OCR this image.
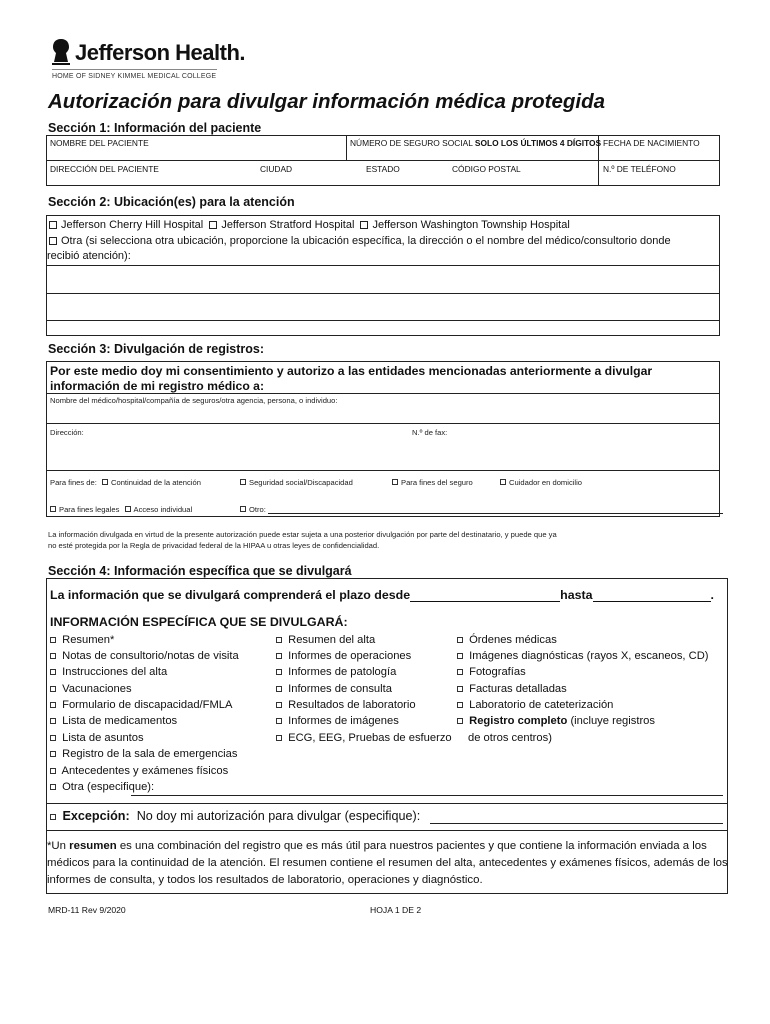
Jefferson Health.
HOME OF SIDNEY KIMMEL MEDICAL COLLEGE
Autorización para divulgar información médica protegida
Sección 1: Información del paciente
NOMBRE DEL PACIENTE	NÚMERO DE SEGURO SOCIAL SOLO LOS ÚLTIMOS 4 DÍGITOS FECHA DE NACIMIENTO
DIRECCIÓN DEL PACIENTE	CIUDAD	ESTADO	CÓDIGO POSTAL	N.º DE TELÉFONO
Sección 2: Ubicación(es) para la atención
Jefferson Cherry Hill Hospital Jefferson Stratford Hospital Jefferson Washington Township Hospital
Otra (si selecciona otra ubicación, proporcione la ubicación específica, la dirección o el nombre del médico/consultorio donde
recibió atención):
Sección 3: Divulgación de registros:
Por este medio doy mi consentimiento y autorizo a las entidades mencionadas anteriormente a divulgar
información de mi registro médico a:
Nombre del médico/hospital/compañía de seguros/otra agencia, persona, o individuo:
Dirección:	N.º de fax:
Para fines de: Continuidad de la atención	Seguridad social/Discapacidad	Para fines del seguro	Cuidador en domicilio
Para fines legales Acceso individual	Otro:
La información divulgada en virtud de la presente autorización puede estar sujeta a una posterior divulgación por parte del destinatario, y puede que ya
no esté protegida por la Regla de privacidad federal de la HIPAA u otras leyes de confidencialidad.
Sección 4: Información específica que se divulgará
La información que se divulgará comprenderá el plazo desde	hasta	.
INFORMACIÓN ESPECÍFICA QUE SE DIVULGARÁ:
Resumen*
Notas de consultorio/notas de visita
Instrucciones del alta
Vacunaciones
Formulario de discapacidad/FMLA
Lista de medicamentos
Lista de asuntos
Registro de la sala de emergencias
Antecedentes y exámenes físicos
Otra (especifique):
Resumen del alta
Informes de operaciones
Informes de patología
Informes de consulta
Resultados de laboratorio
Informes de imágenes
ECG, EEG, Pruebas de esfuerzo
Órdenes médicas
Imágenes diagnósticas (rayos X, escaneos, CD)
Fotografías
Facturas detalladas
Laboratorio de cateterización
Registro completo (incluye registros
de otros centros)
Excepción: No doy mi autorización para divulgar (especifique):
*Un resumen es una combinación del registro que es más útil para nuestros pacientes y que contiene la información enviada a los
médicos para la continuidad de la atención. El resumen contiene el resumen del alta, antecedentes y exámenes físicos, además de los
informes de consulta, y todos los resultados de laboratorio, operaciones y diagnóstico.
MRD-11 Rev 9/2020	HOJA 1 DE 2
